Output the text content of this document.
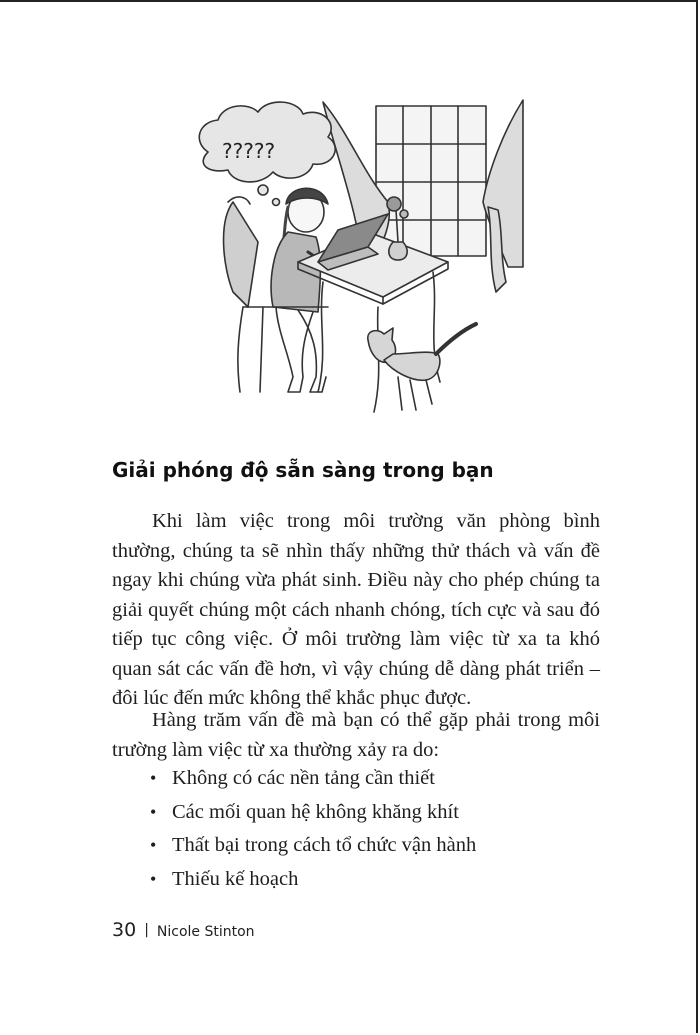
?????
Giải phóng độ sẵn sàng trong bạn

Khi làm việc trong môi trường văn phòng bình thường, chúng ta sẽ nhìn thấy những thử thách và vấn đề ngay khi chúng vừa phát sinh. Điều này cho phép chúng ta giải quyết chúng một cách nhanh chóng, tích cực và sau đó tiếp tục công việc. Ở môi trường làm việc từ xa ta khó quan sát các vấn đề hơn, vì vậy chúng dễ dàng phát triển – đôi lúc đến mức không thể khắc phục được.

Hàng trăm vấn đề mà bạn có thể gặp phải trong môi trường làm việc từ xa thường xảy ra do:

• Không có các nền tảng cần thiết
• Các mối quan hệ không khăng khít
• Thất bại trong cách tổ chức vận hành
• Thiếu kế hoạch
30 | Nicole Stinton
